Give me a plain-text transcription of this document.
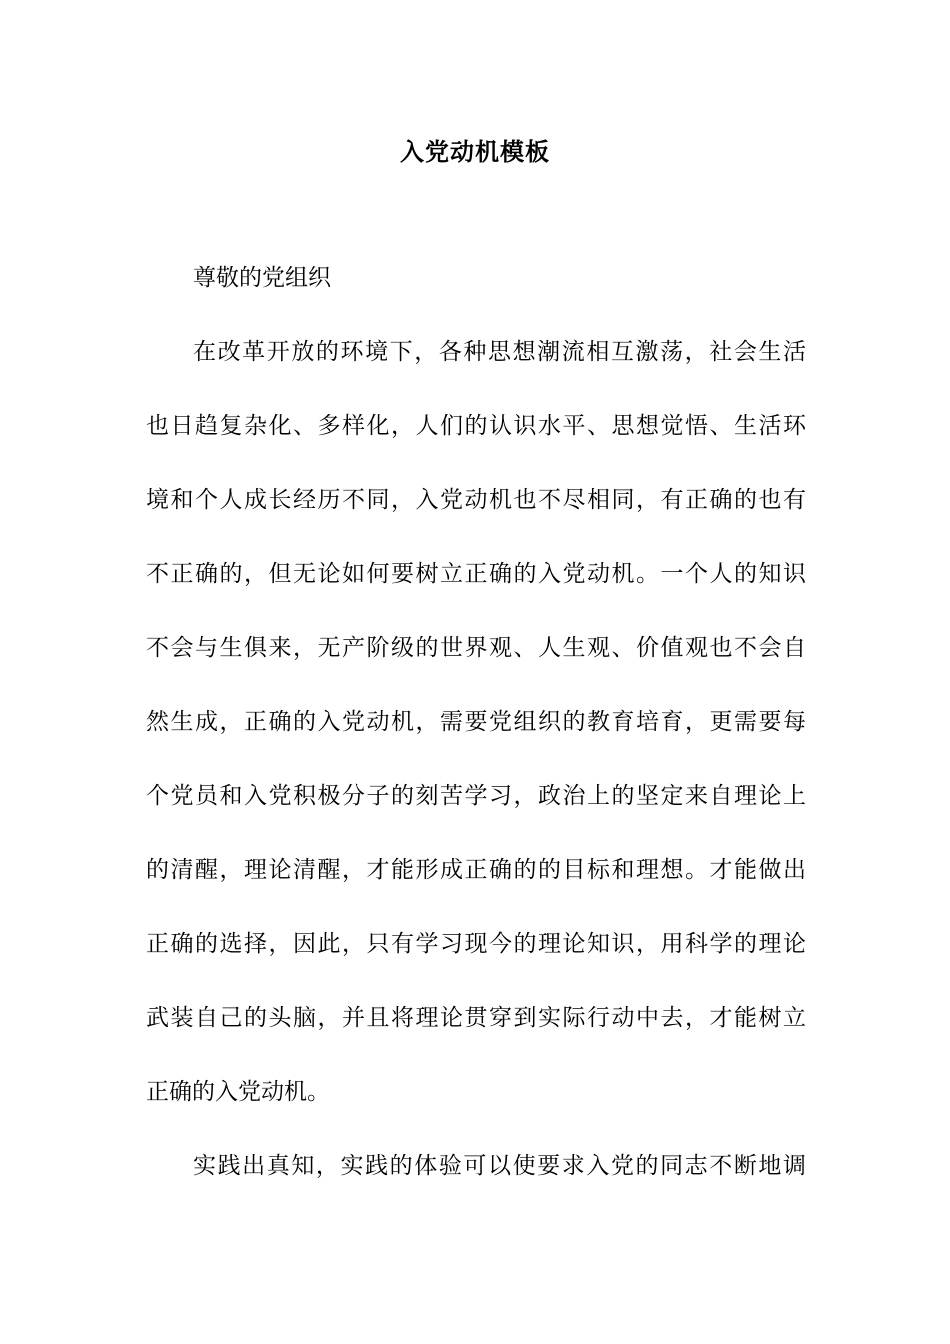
入党动机模板
尊敬的党组织
在改革开放的环境下，各种思想潮流相互激荡，社会生活
也日趋复杂化、多样化，人们的认识水平、思想觉悟、生活环
境和个人成长经历不同，入党动机也不尽相同，有正确的也有
不正确的，但无论如何要树立正确的入党动机。一个人的知识
不会与生俱来，无产阶级的世界观、人生观、价值观也不会自
然生成，正确的入党动机，需要党组织的教育培育，更需要每
个党员和入党积极分子的刻苦学习，政治上的坚定来自理论上
的清醒，理论清醒，才能形成正确的的目标和理想。才能做出
正确的选择，因此，只有学习现今的理论知识，用科学的理论
武装自己的头脑，并且将理论贯穿到实际行动中去，才能树立
正确的入党动机。
实践出真知，实践的体验可以使要求入党的同志不断地调
